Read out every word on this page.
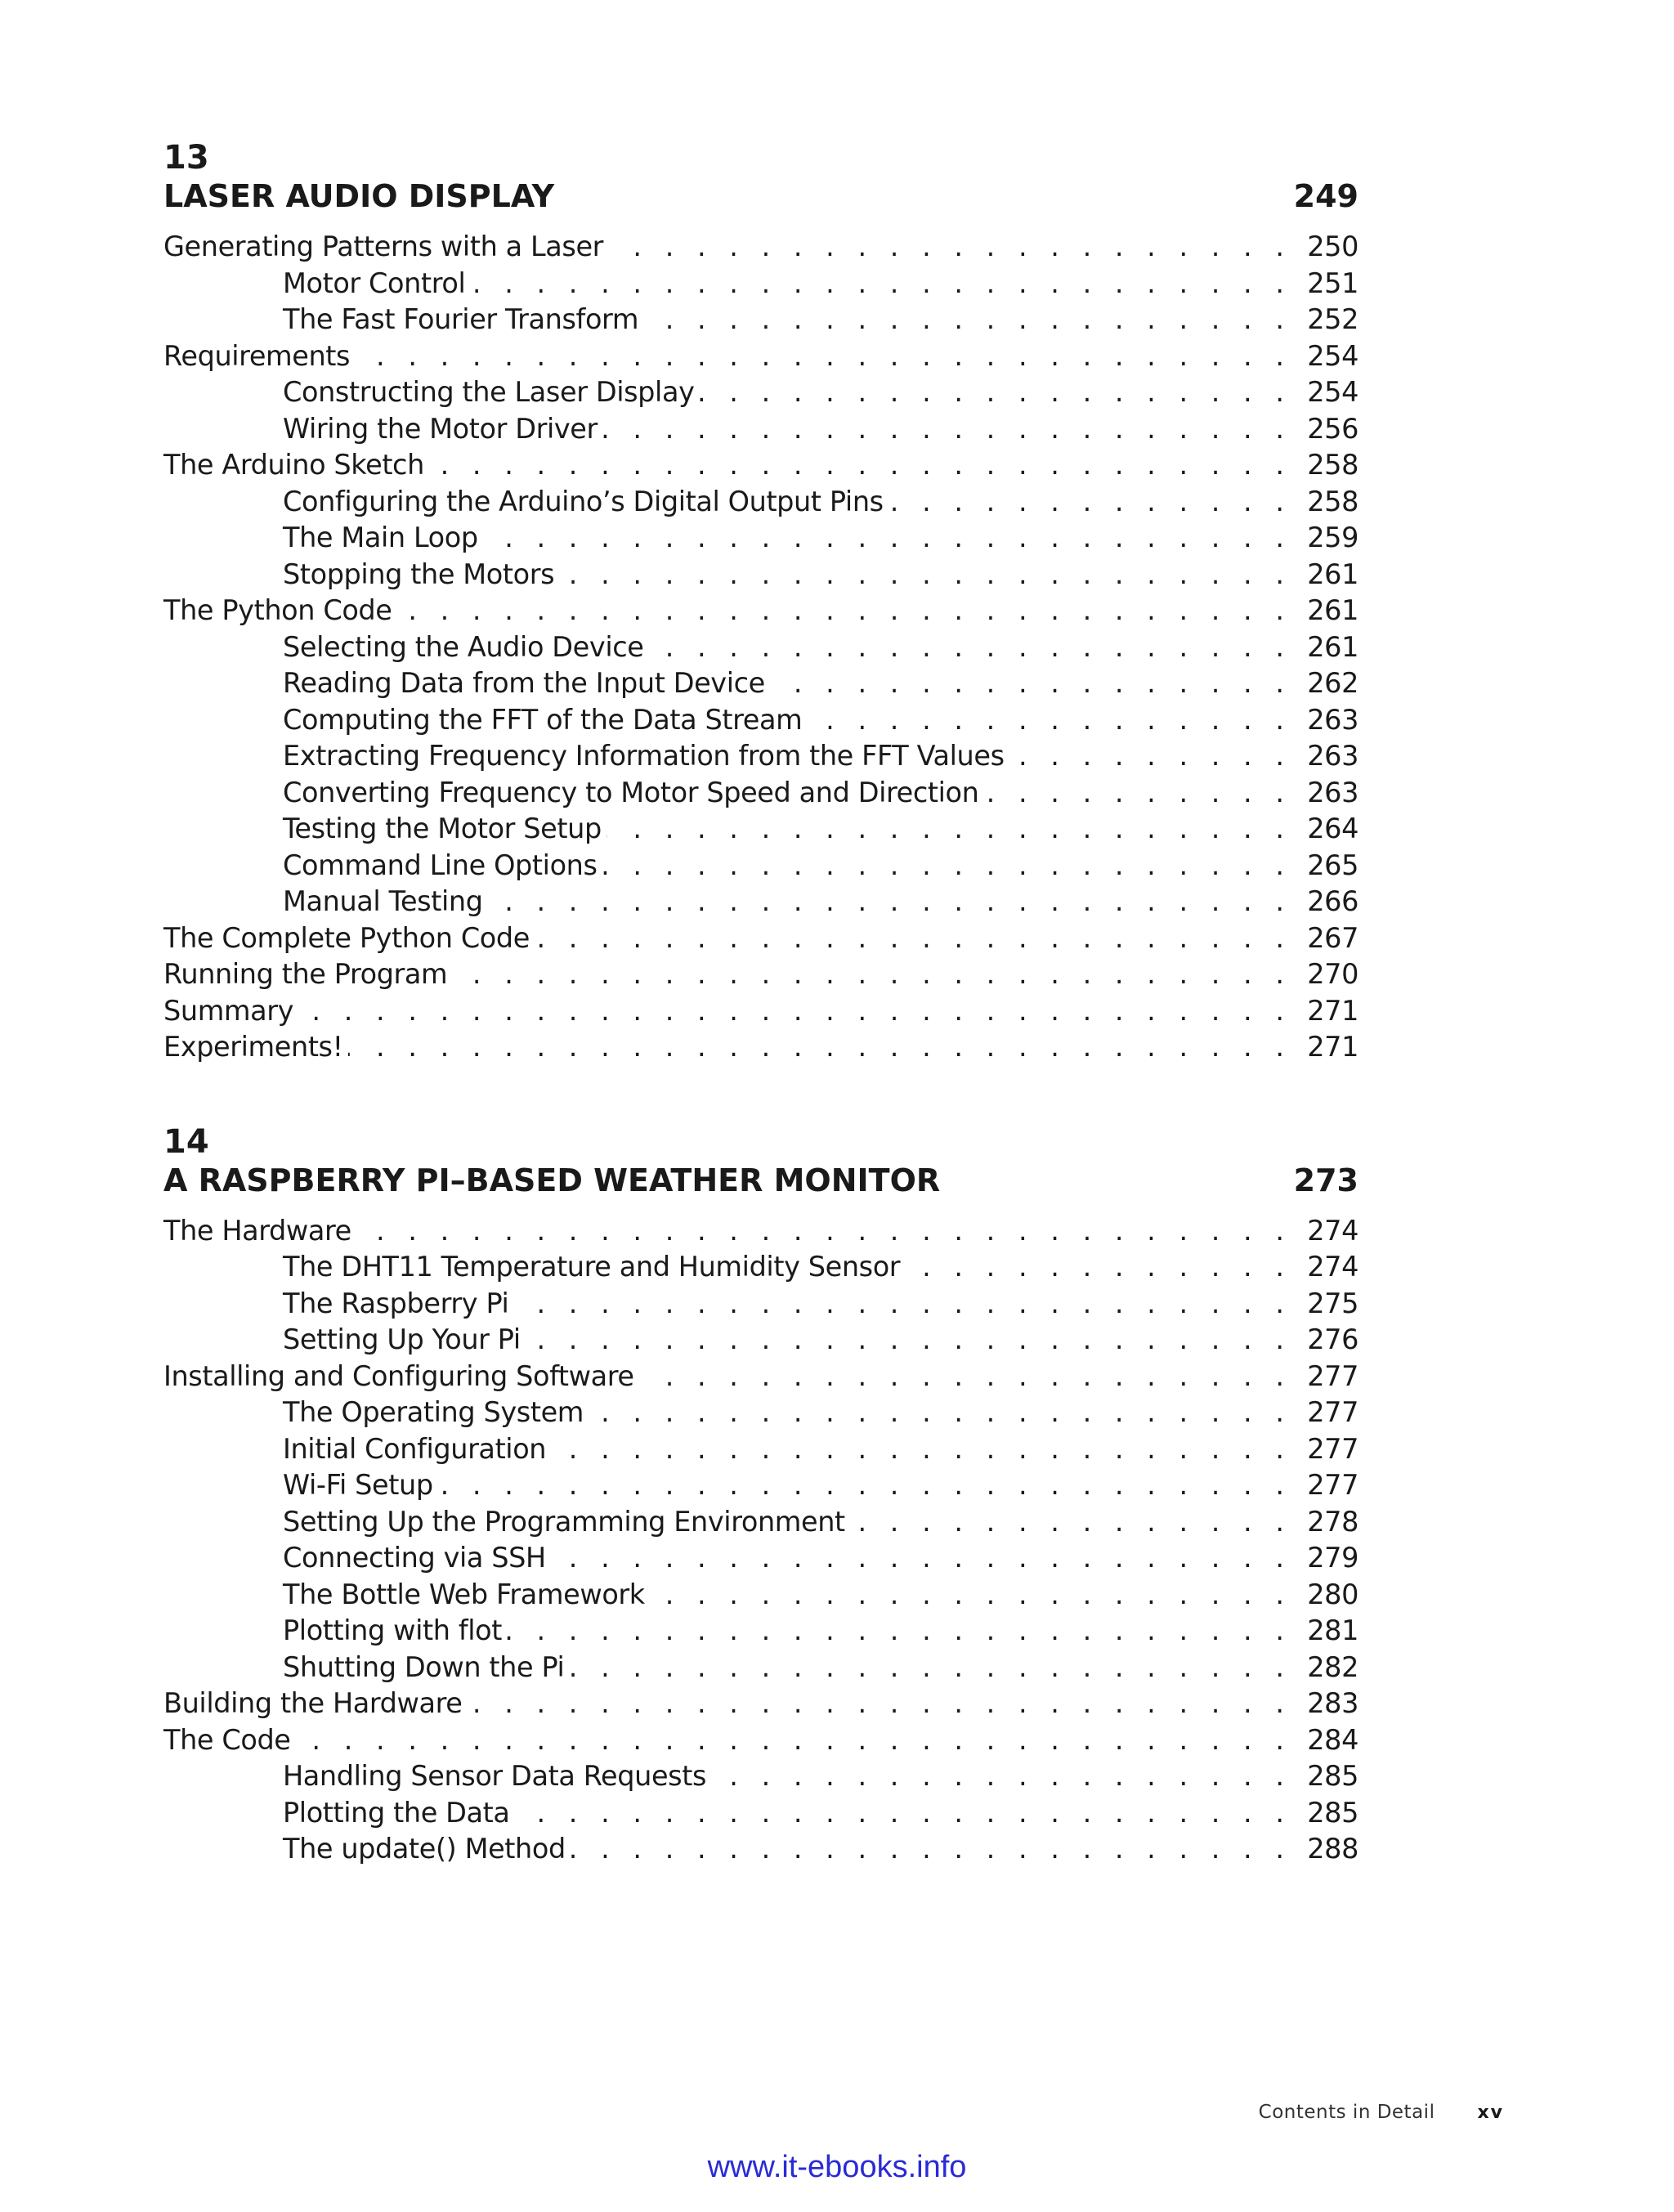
13
LASER AUDIO DISPLAY	249
Generating Patterns with a Laser . . .	250
Motor Control . . .	251
The Fast Fourier Transform . . .	252
Requirements . . .	254
Constructing the Laser Display . . .	254
Wiring the Motor Driver . . .	256
The Arduino Sketch . . .	258
Configuring the Arduino’s Digital Output Pins . . .	258
The Main Loop . . .	259
Stopping the Motors . . .	261
The Python Code . . .	261
Selecting the Audio Device . . .	261
Reading Data from the Input Device . . .	262
Computing the FFT of the Data Stream . . .	263
Extracting Frequency Information from the FFT Values . . .	263
Converting Frequency to Motor Speed and Direction . . .	263
Testing the Motor Setup . . .	264
Command Line Options . . .	265
Manual Testing . . .	266
The Complete Python Code . . .	267
Running the Program . . .	270
Summary . . .	271
Experiments! . . .	271
14
A RASPBERRY PI–BASED WEATHER MONITOR	273
The Hardware . . .	274
The DHT11 Temperature and Humidity Sensor . . .	274
The Raspberry Pi . . .	275
Setting Up Your Pi . . .	276
Installing and Configuring Software . . .	277
The Operating System . . .	277
Initial Configuration . . .	277
Wi-Fi Setup . . .	277
Setting Up the Programming Environment . . .	278
Connecting via SSH . . .	279
The Bottle Web Framework . . .	280
Plotting with flot . . .	281
Shutting Down the Pi . . .	282
Building the Hardware . . .	283
The Code . . .	284
Handling Sensor Data Requests . . .	285
Plotting the Data . . .	285
The update() Method . . .	288
Contents in Detail xv
www.it-ebooks.info
